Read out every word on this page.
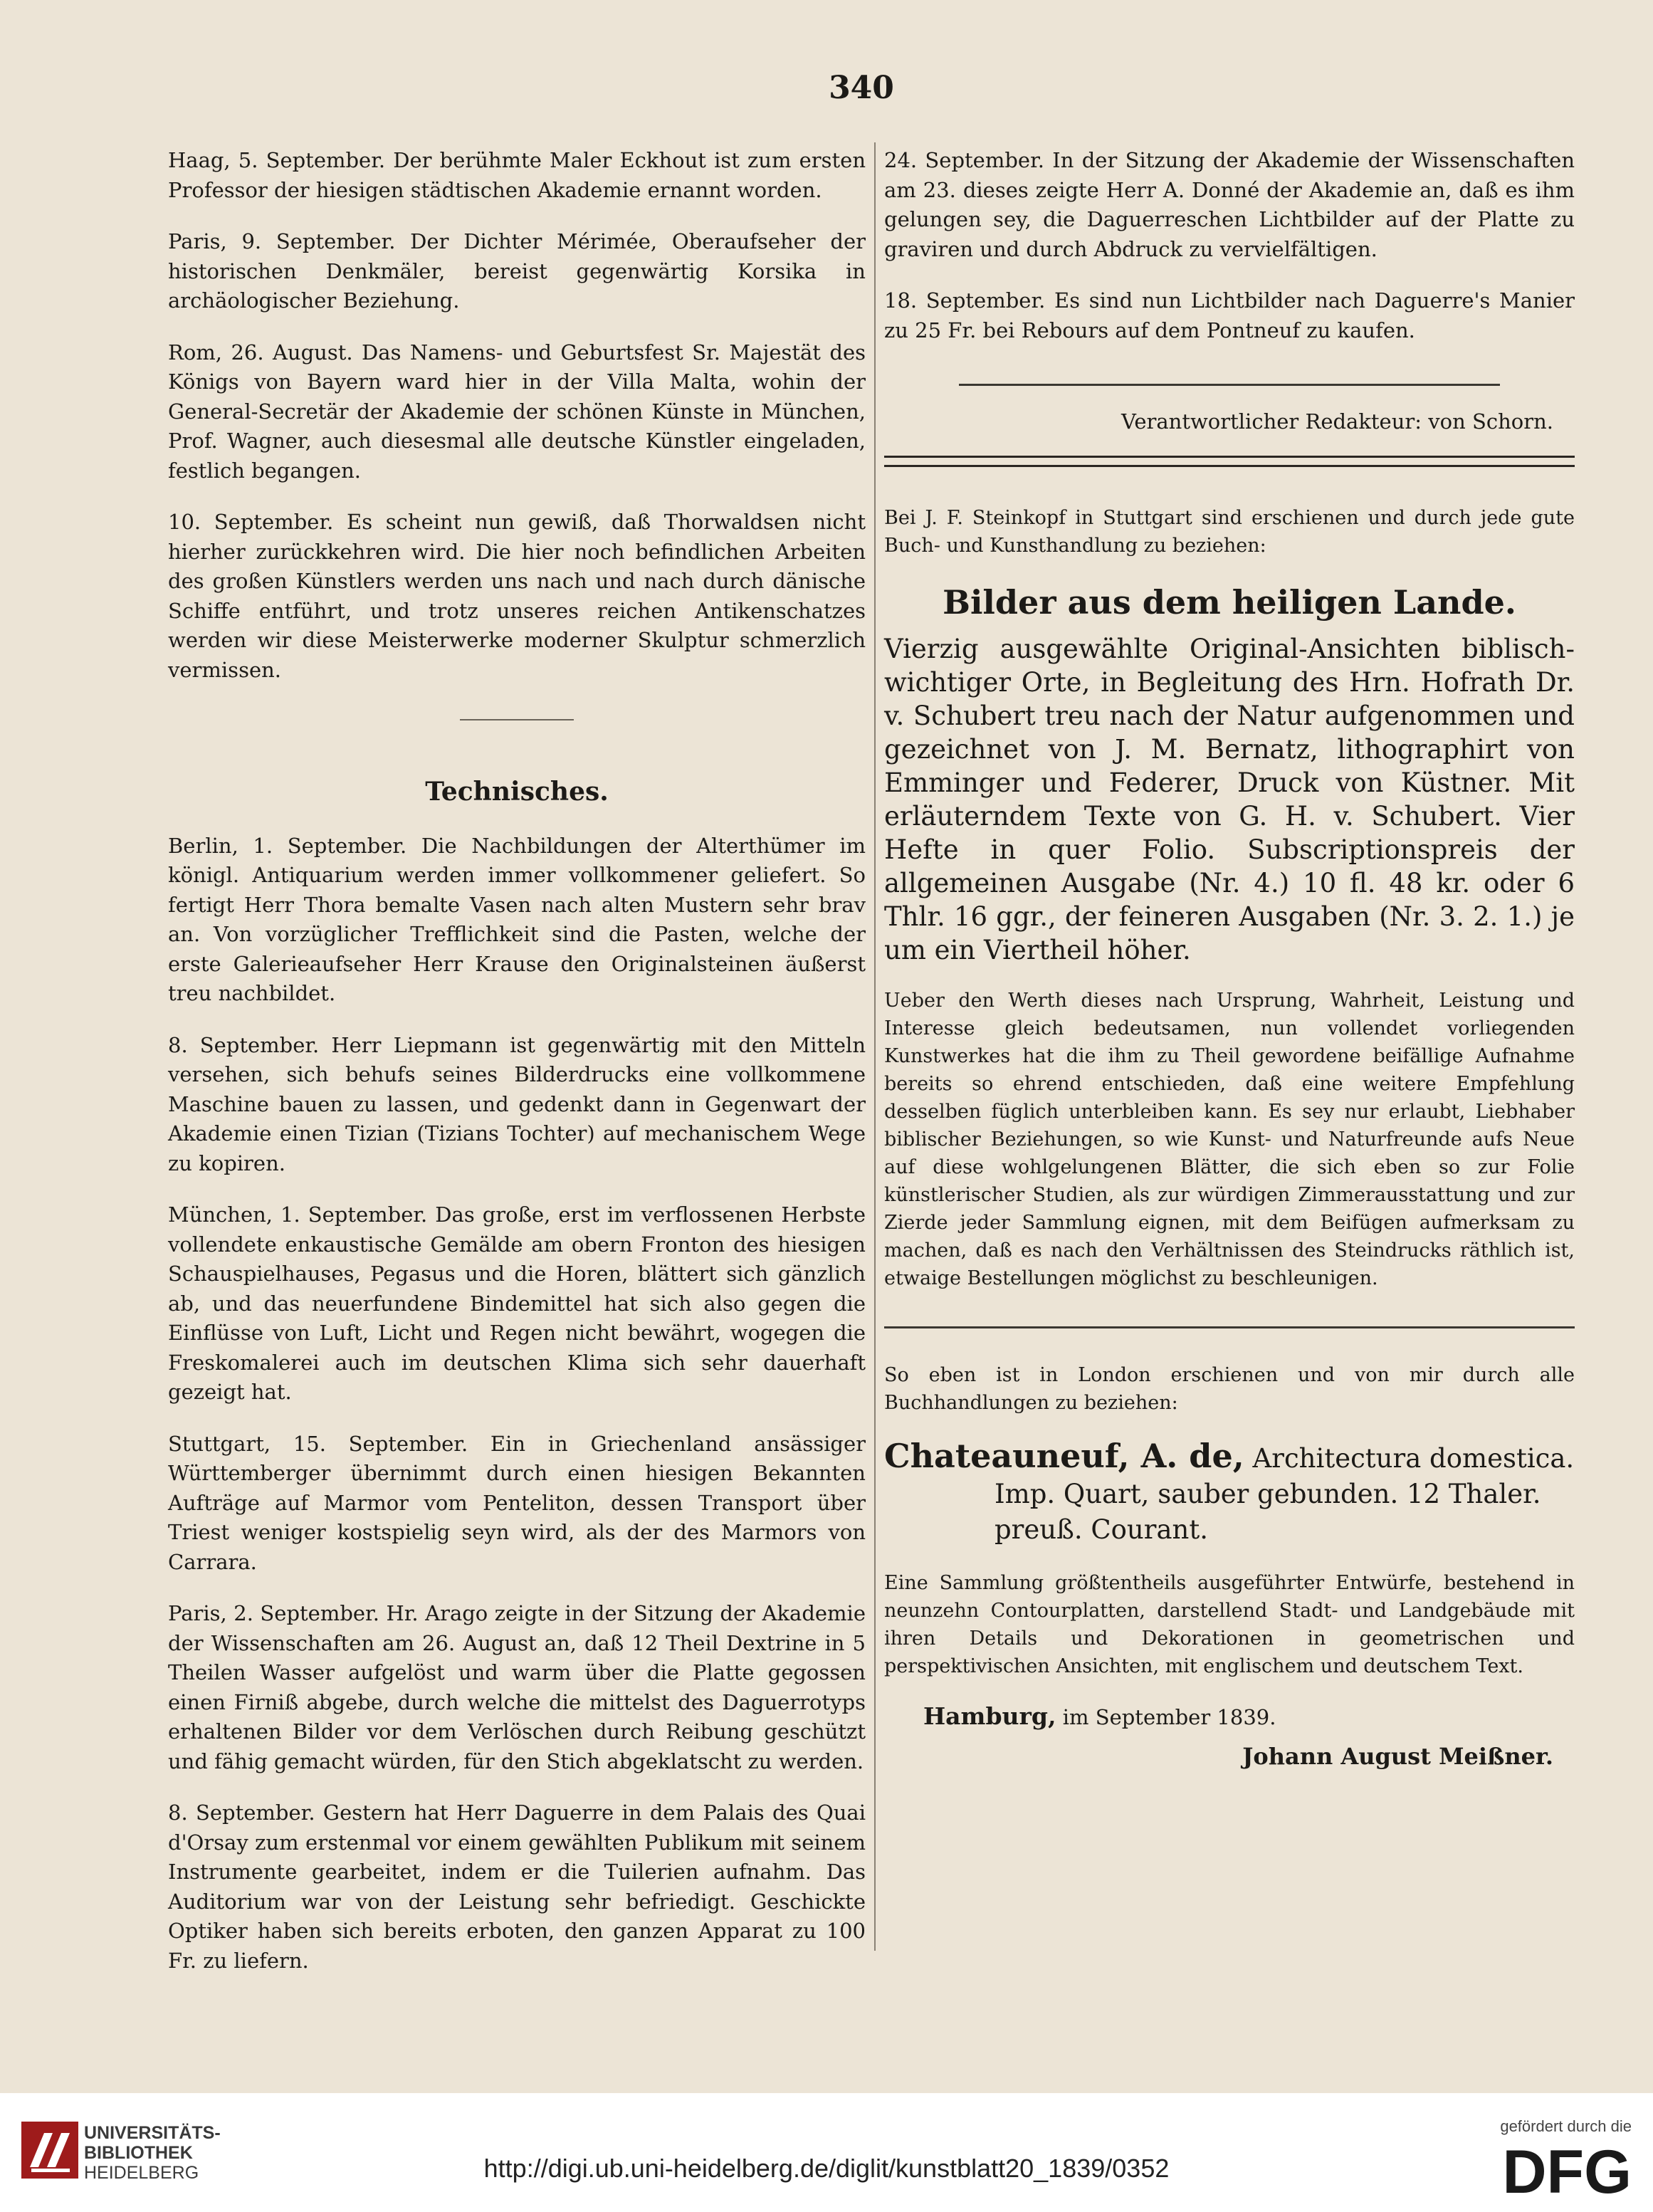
340

Haag, 5. September. Der berühmte Maler Eckhout ist zum ersten Professor der hiesigen städtischen Akademie ernannt worden.

Paris, 9. September. Der Dichter Mérimée, Oberaufseher der historischen Denkmäler, bereist gegenwärtig Korsika in archäologischer Beziehung.

Rom, 26. August. Das Namens- und Geburtsfest Sr. Majestät des Königs von Bayern ward hier in der Villa Malta, wohin der General-Secretär der Akademie der schönen Künste in München, Prof. Wagner, auch diesesmal alle deutsche Künstler eingeladen, festlich begangen.

10. September. Es scheint nun gewiß, daß Thorwaldsen nicht hierher zurückkehren wird. Die hier noch befindlichen Arbeiten des großen Künstlers werden uns nach und nach durch dänische Schiffe entführt, und trotz unseres reichen Antikenschatzes werden wir diese Meisterwerke moderner Skulptur schmerzlich vermissen.

Technisches.

Berlin, 1. September. Die Nachbildungen der Alterthümer im königl. Antiquarium werden immer vollkommener geliefert. So fertigt Herr Thora bemalte Vasen nach alten Mustern sehr brav an. Von vorzüglicher Trefflichkeit sind die Pasten, welche der erste Galerieaufseher Herr Krause den Originalsteinen äußerst treu nachbildet.

8. September. Herr Liepmann ist gegenwärtig mit den Mitteln versehen, sich behufs seines Bilderdrucks eine vollkommene Maschine bauen zu lassen, und gedenkt dann in Gegenwart der Akademie einen Tizian (Tizians Tochter) auf mechanischem Wege zu kopiren.

München, 1. September. Das große, erst im verflossenen Herbste vollendete enkaustische Gemälde am obern Fronton des hiesigen Schauspielhauses, Pegasus und die Horen, blättert sich gänzlich ab, und das neuerfundene Bindemittel hat sich also gegen die Einflüsse von Luft, Licht und Regen nicht bewährt, wogegen die Freskomalerei auch im deutschen Klima sich sehr dauerhaft gezeigt hat.

Stuttgart, 15. September. Ein in Griechenland ansässiger Württemberger übernimmt durch einen hiesigen Bekannten Aufträge auf Marmor vom Penteliton, dessen Transport über Triest weniger kostspielig seyn wird, als der des Marmors von Carrara.

Paris, 2. September. Hr. Arago zeigte in der Sitzung der Akademie der Wissenschaften am 26. August an, daß 12 Theil Dextrine in 5 Theilen Wasser aufgelöst und warm über die Platte gegossen einen Firniß abgebe, durch welche die mittelst des Daguerrotyps erhaltenen Bilder vor dem Verlöschen durch Reibung geschützt und fähig gemacht würden, für den Stich abgeklatscht zu werden.

8. September. Gestern hat Herr Daguerre in dem Palais des Quai d'Orsay zum erstenmal vor einem gewählten Publikum mit seinem Instrumente gearbeitet, indem er die Tuilerien aufnahm. Das Auditorium war von der Leistung sehr befriedigt. Geschickte Optiker haben sich bereits erboten, den ganzen Apparat zu 100 Fr. zu liefern.

24. September. In der Sitzung der Akademie der Wissenschaften am 23. dieses zeigte Herr A. Donné der Akademie an, daß es ihm gelungen sey, die Daguerreschen Lichtbilder auf der Platte zu graviren und durch Abdruck zu vervielfältigen.

18. September. Es sind nun Lichtbilder nach Daguerre's Manier zu 25 Fr. bei Rebours auf dem Pontneuf zu kaufen.

Verantwortlicher Redakteur: von Schorn.
Bei J. F. Steinkopf in Stuttgart sind erschienen und durch jede gute Buch- und Kunsthandlung zu beziehen:
Bilder aus dem heiligen Lande.
Vierzig ausgewählte Original-Ansichten biblisch-wichtiger Orte, in Begleitung des Hrn. Hofrath Dr. v. Schubert treu nach der Natur aufgenommen und gezeichnet von J. M. Bernatz, lithographirt von Emminger und Federer, Druck von Küstner. Mit erläuterndem Texte von G. H. v. Schubert. Vier Hefte in quer Folio. Subscriptionspreis der allgemeinen Ausgabe (Nr. 4.) 10 fl. 48 kr. oder 6 Thlr. 16 ggr., der feineren Ausgaben (Nr. 3. 2. 1.) je um ein Viertheil höher.
Ueber den Werth dieses nach Ursprung, Wahrheit, Leistung und Interesse gleich bedeutsamen, nun vollendet vorliegenden Kunstwerkes hat die ihm zu Theil gewordene beifällige Aufnahme bereits so ehrend entschieden, daß eine weitere Empfehlung desselben füglich unterbleiben kann. Es sey nur erlaubt, Liebhaber biblischer Beziehungen, so wie Kunst- und Naturfreunde aufs Neue auf diese wohlgelungenen Blätter, die sich eben so zur Folie künstlerischer Studien, als zur würdigen Zimmerausstattung und zur Zierde jeder Sammlung eignen, mit dem Beifügen aufmerksam zu machen, daß es nach den Verhältnissen des Steindrucks räthlich ist, etwaige Bestellungen möglichst zu beschleunigen.
So eben ist in London erschienen und von mir durch alle Buchhandlungen zu beziehen:
Chateauneuf, A. de, Architectura domestica. Imp. Quart, sauber gebunden. 12 Thaler. preuß. Courant.
Eine Sammlung größtentheils ausgeführter Entwürfe, bestehend in neunzehn Contourplatten, darstellend Stadt- und Landgebäude mit ihren Details und Dekorationen in geometrischen und perspektivischen Ansichten, mit englischem und deutschem Text.
Hamburg, im September 1839.
Johann August Meißner.
UNIVERSITÄTS-
BIBLIOTHEK
HEIDELBERG	http://digi.ub.uni-heidelberg.de/diglit/kunstblatt20_1839/0352
gefördert durch die
DFG
